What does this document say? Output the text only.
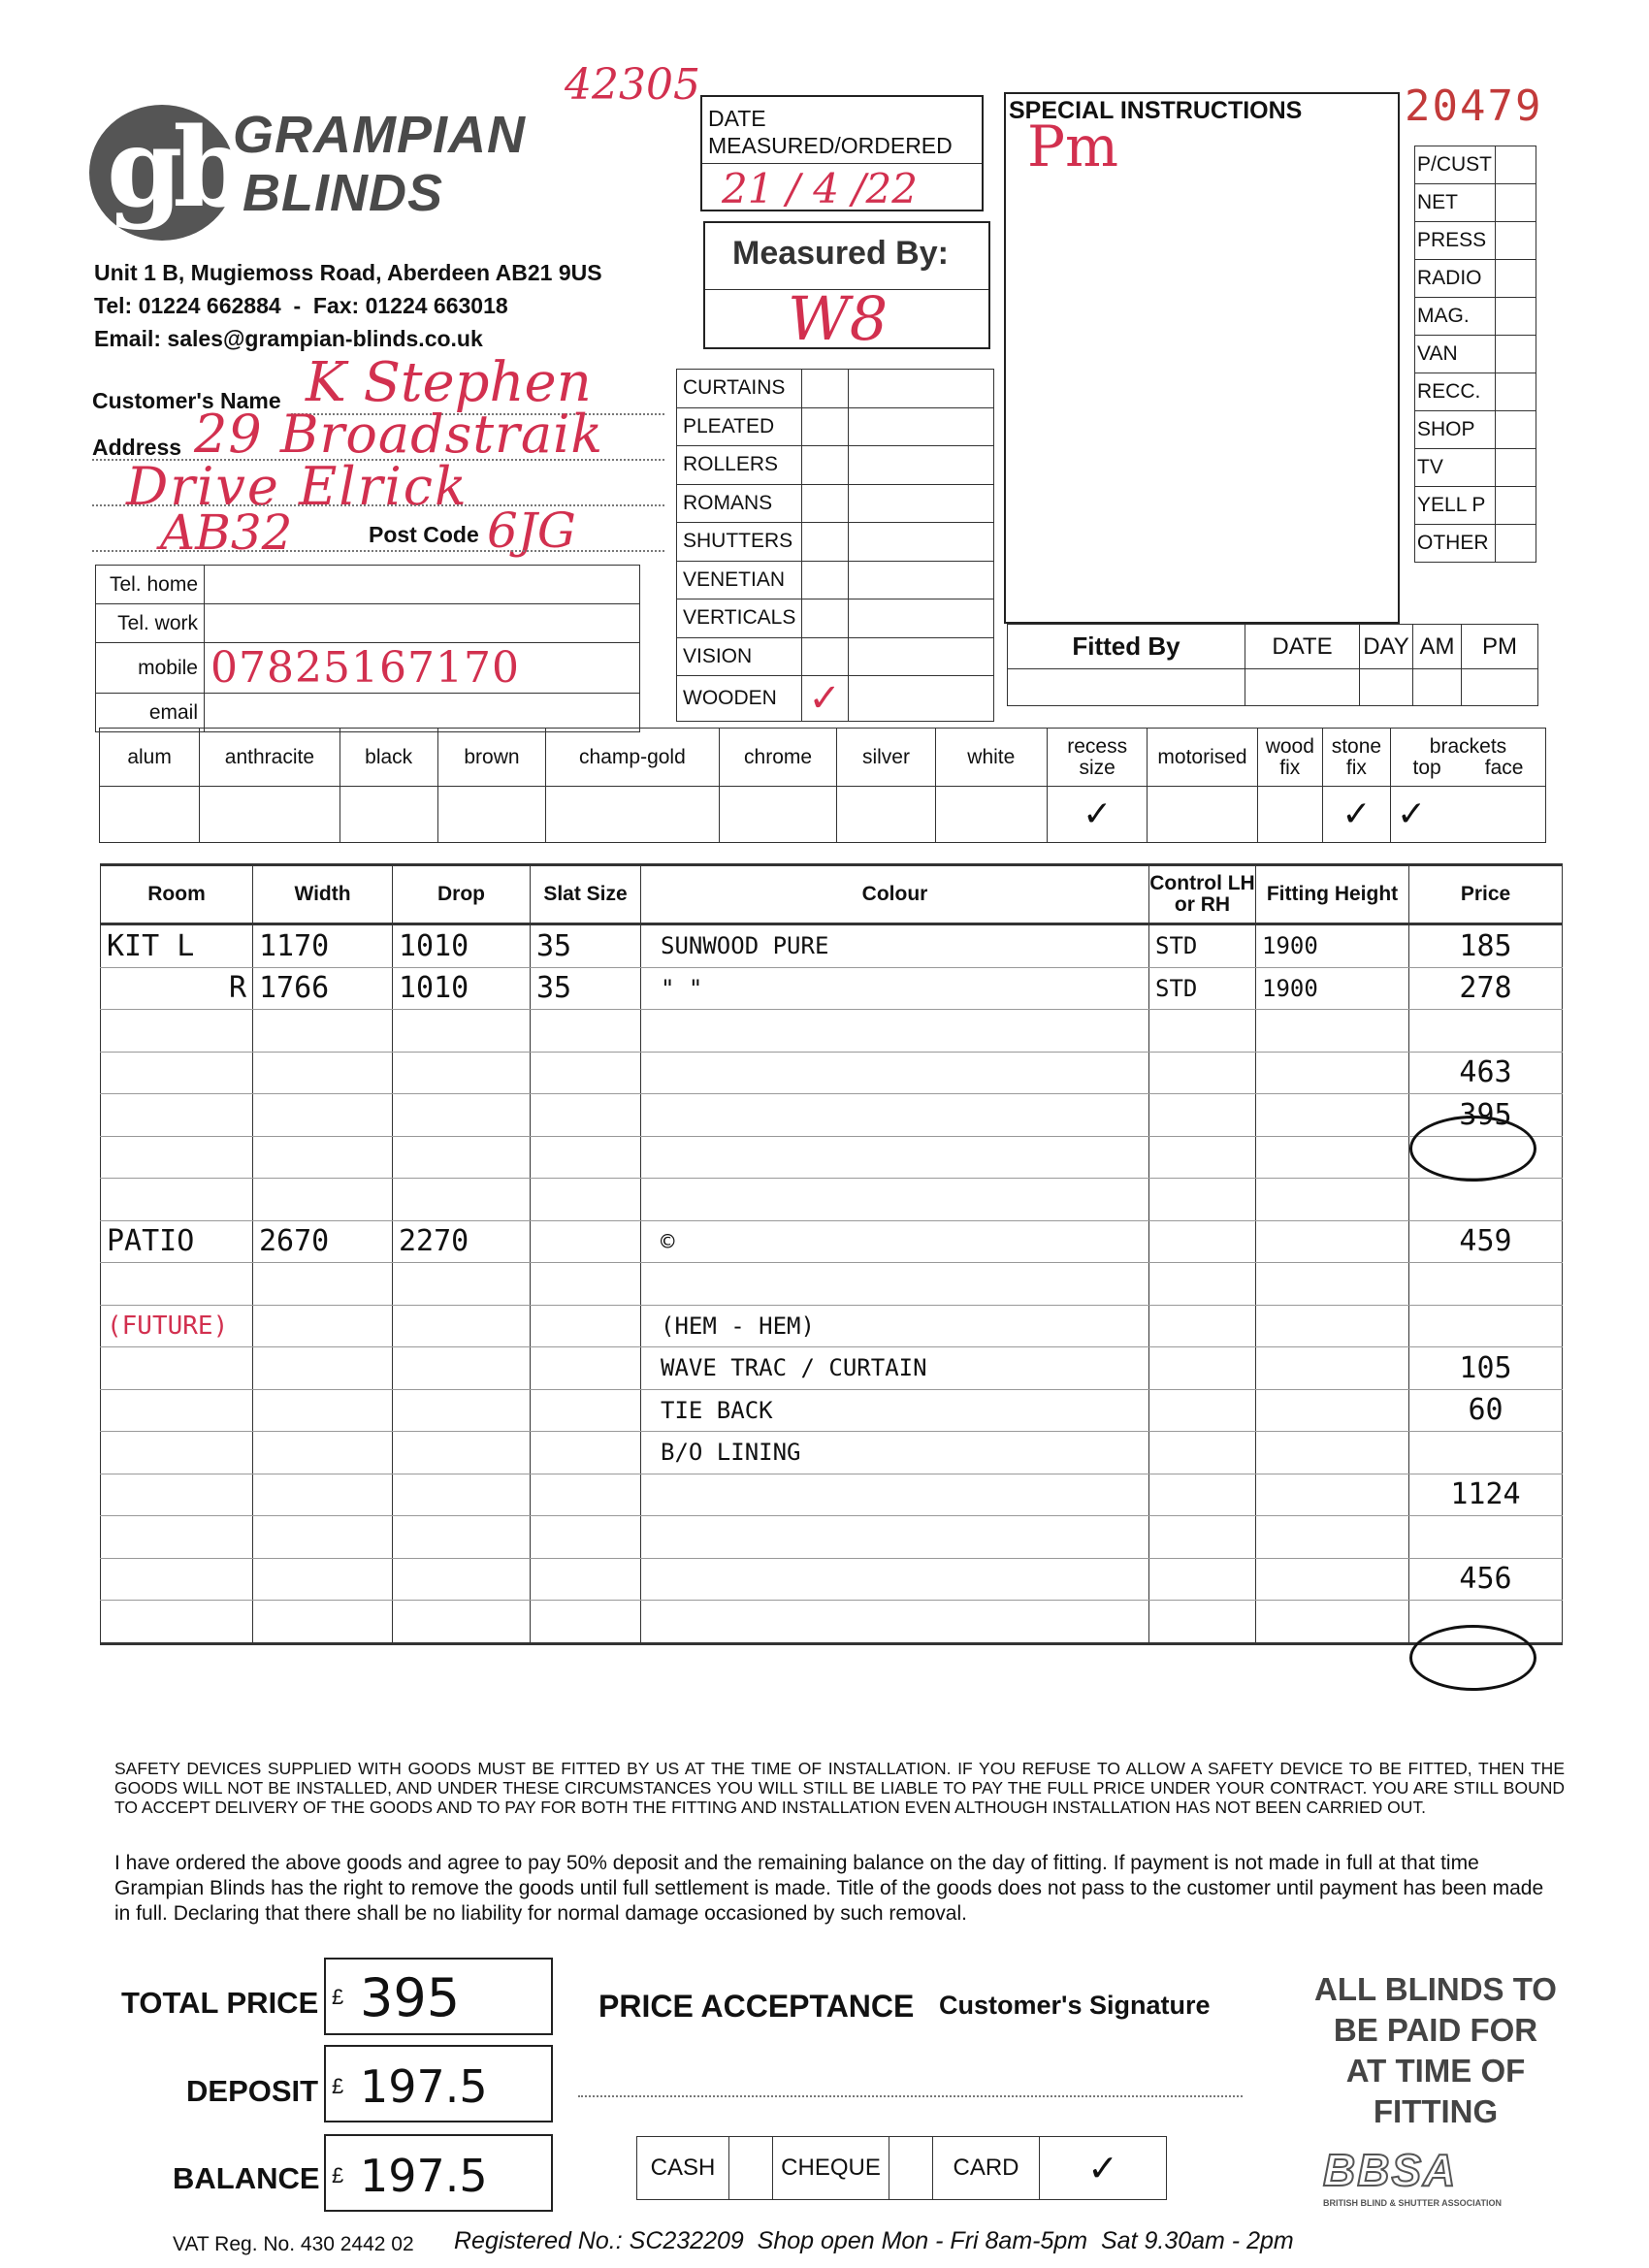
gb
GRAMPIAN
BLINDS
Unit 1 B, Mugiemoss Road, Aberdeen AB21 9US
Tel: 01224 662884  -  Fax: 01224 663018
Email: sales@grampian-blinds.co.uk
42305	20479
DATE
MEASURED/ORDERED
21 / 4 /22
Measured By:
W8
Customer's Name K Stephen
Address 29 Broadstraik
Drive Elrick
AB32	Post Code 6JG
Tel. home	
Tel. work	
mobile	07825167170
email	
CURTAINS		
PLEATED		
ROLLERS		
ROMANS		
SHUTTERS		
VENETIAN		
VERTICALS		
VISION		
WOODEN	✓	
SPECIAL INSTRUCTIONS
Pm	P/CUST	
NET	
PRESS	
RADIO	
MAG.	
VAN	
RECC.	
SHOP	
TV	
YELL P	
OTHER	
Fitted By	DATE	DAY	AM	PM

alum	anthracite	black	brown	champ-gold	chrome	silver	white	recess size	motorised	wood fix	stone fix	brackets
top face

								✓			✓	✓
Room	Width	Drop	Slat Size	Colour	Control LH or RH	Fitting Height	Price
KIT L	1170	1010	35	SUNWOOD PURE	STD	1900	185
R	1766	1010	35	" "	STD	1900	278

							463
							395

PATIO	2670	2270		©			459

(FUTURE)				(HEM - HEM)			
				WAVE TRAC / CURTAIN			105
				TIE BACK			60
				B/O LINING			
							1124

							456

SAFETY DEVICES SUPPLIED WITH GOODS MUST BE FITTED BY US AT THE TIME OF INSTALLATION. IF YOU REFUSE TO ALLOW A SAFETY DEVICE TO BE FITTED, THEN THE GOODS WILL NOT BE INSTALLED, AND UNDER THESE CIRCUMSTANCES YOU WILL STILL BE LIABLE TO PAY THE FULL PRICE UNDER YOUR CONTRACT. YOU ARE STILL BOUND TO ACCEPT DELIVERY OF THE GOODS AND TO PAY FOR BOTH THE FITTING AND INSTALLATION EVEN ALTHOUGH INSTALLATION HAS NOT BEEN CARRIED OUT.
I have ordered the above goods and agree to pay 50% deposit and the remaining balance on the day of fitting. If payment is not made in full at that time Grampian Blinds has the right to remove the goods until full settlement is made. Title of the goods does not pass to the customer until payment has been made in full. Declaring that there shall be no liability for normal damage occasioned by such removal.
TOTAL PRICE £ 395
DEPOSIT £ 197.5
BALANCE £ 197.5
PRICE ACCEPTANCE Customer's Signature
CASH		CHEQUE		CARD	✓
ALL BLINDS TO
BE PAID FOR
AT TIME OF
FITTING
BBSA
BRITISH BLIND & SHUTTER ASSOCIATION
VAT Reg. No. 430 2442 02 Registered No.: SC232209  Shop open Mon - Fri 8am-5pm  Sat 9.30am - 2pm
